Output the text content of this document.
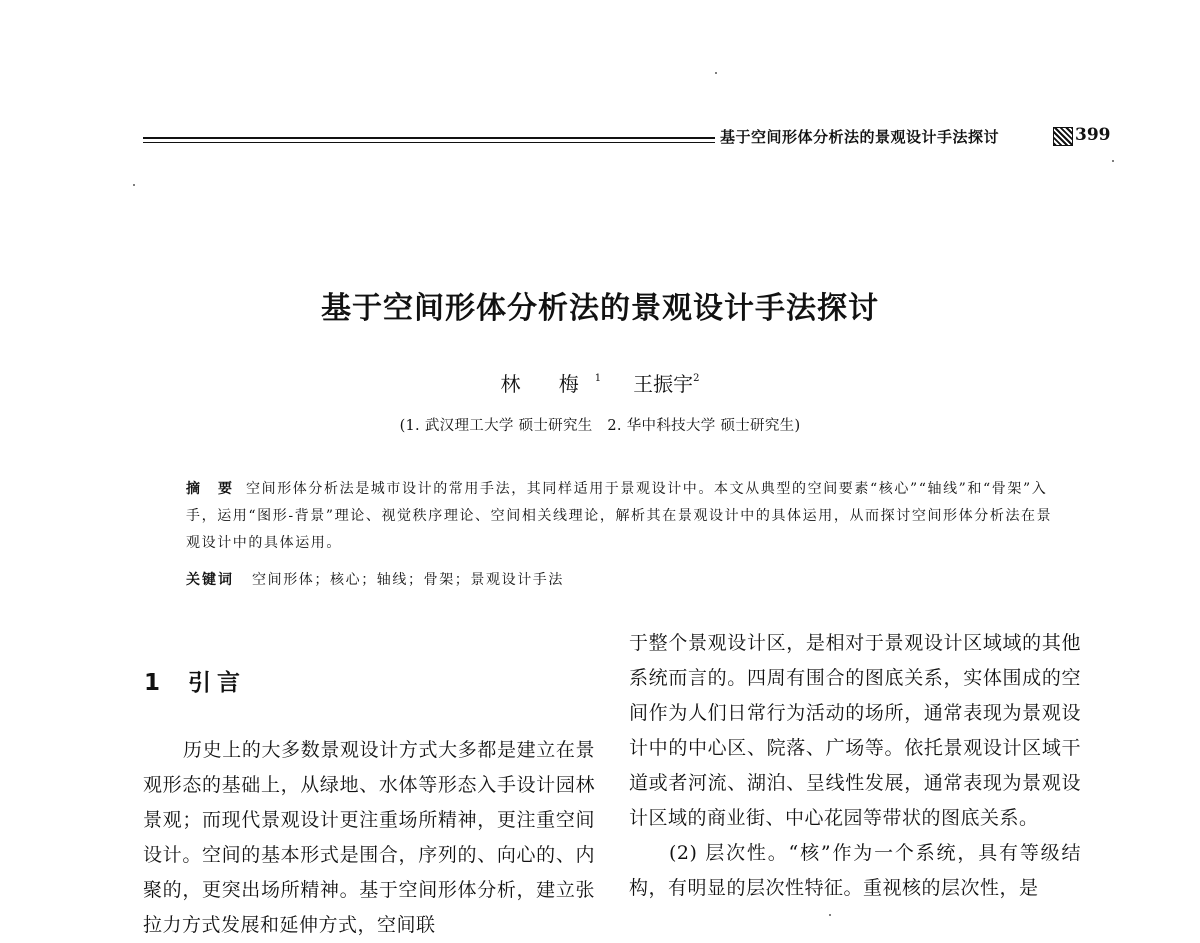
基于空间形体分析法的景观设计手法探讨	399
基于空间形体分析法的景观设计手法探讨
林 梅$^1$ 王振宇$^2$
(1. 武汉理工大学 硕士研究生　2. 华中科技大学 硕士研究生)
摘　要 空间形体分析法是城市设计的常用手法，其同样适用于景观设计中。本文从典型的空间要素“核心”“轴线”和“骨架”入手，运用“图形-背景”理论、视觉秩序理论、空间相关线理论，解析其在景观设计中的具体运用，从而探讨空间形体分析法在景观设计中的具体运用。
关键词 空间形体；核心；轴线；骨架；景观设计手法
1 引言

历史上的大多数景观设计方式大多都是建立在景观形态的基础上，从绿地、水体等形态入手设计园林景观；而现代景观设计更注重场所精神，更注重空间设计。空间的基本形式是围合，序列的、向心的、内聚的，更突出场所精神。基于空间形体分析，建立张拉力方式发展和延伸方式，空间联

于整个景观设计区，是相对于景观设计区域域的其他系统而言的。四周有围合的图底关系，实体围成的空间作为人们日常行为活动的场所，通常表现为景观设计中的中心区、院落、广场等。依托景观设计区域干道或者河流、湖泊、呈线性发展，通常表现为景观设计区域的商业街、中心花园等带状的图底关系。

(2) 层次性。“核”作为一个系统，具有等级结构，有明显的层次性特征。重视核的层次性，是
